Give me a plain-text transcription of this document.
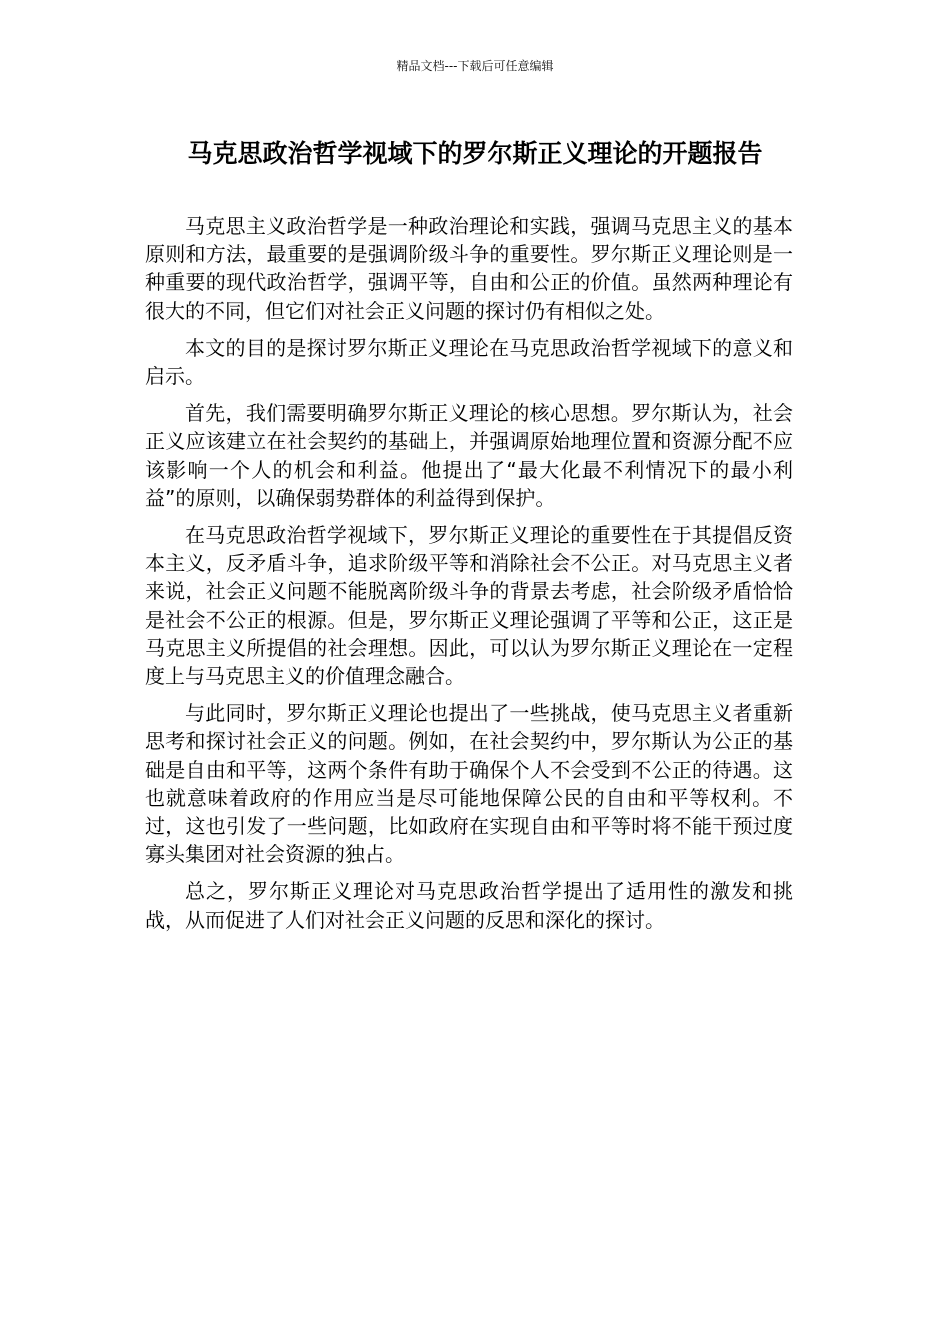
精品文档---下载后可任意编辑
马克思政治哲学视域下的罗尔斯正义理论的开题报告

马克思主义政治哲学是一种政治理论和实践，强调马克思主义的基本原则和方法，最重要的是强调阶级斗争的重要性。罗尔斯正义理论则是一种重要的现代政治哲学，强调平等，自由和公正的价值。虽然两种理论有很大的不同，但它们对社会正义问题的探讨仍有相似之处。

本文的目的是探讨罗尔斯正义理论在马克思政治哲学视域下的意义和启示。

首先，我们需要明确罗尔斯正义理论的核心思想。罗尔斯认为，社会正义应该建立在社会契约的基础上，并强调原始地理位置和资源分配不应该影响一个人的机会和利益。他提出了“最大化最不利情况下的最小利益”的原则，以确保弱势群体的利益得到保护。

在马克思政治哲学视域下，罗尔斯正义理论的重要性在于其提倡反资本主义，反矛盾斗争，追求阶级平等和消除社会不公正。对马克思主义者来说，社会正义问题不能脱离阶级斗争的背景去考虑，社会阶级矛盾恰恰是社会不公正的根源。但是，罗尔斯正义理论强调了平等和公正，这正是马克思主义所提倡的社会理想。因此，可以认为罗尔斯正义理论在一定程度上与马克思主义的价值理念融合。

与此同时，罗尔斯正义理论也提出了一些挑战，使马克思主义者重新思考和探讨社会正义的问题。例如，在社会契约中，罗尔斯认为公正的基础是自由和平等，这两个条件有助于确保个人不会受到不公正的待遇。这也就意味着政府的作用应当是尽可能地保障公民的自由和平等权利。不过，这也引发了一些问题，比如政府在实现自由和平等时将不能干预过度寡头集团对社会资源的独占。

总之，罗尔斯正义理论对马克思政治哲学提出了适用性的激发和挑战，从而促进了人们对社会正义问题的反思和深化的探讨。
